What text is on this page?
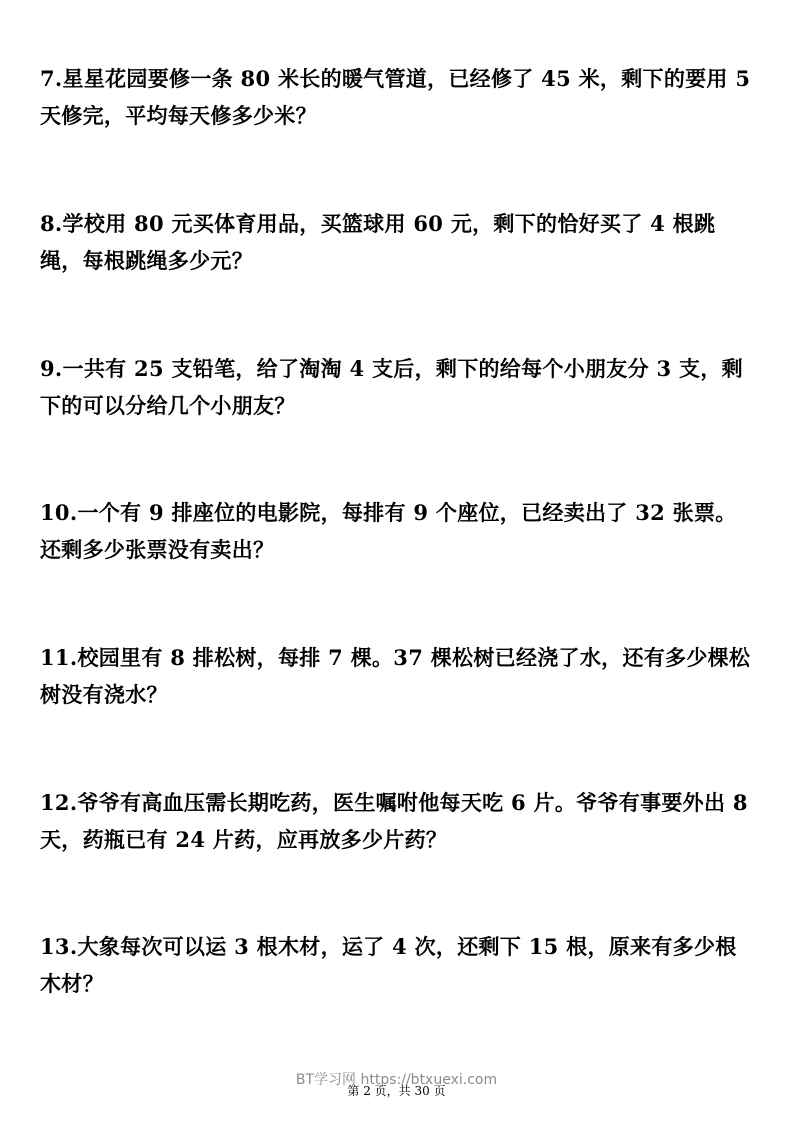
7.星星花园要修一条 80 米长的暖气管道，已经修了 45 米，剩下的要用 5 天修完，平均每天修多少米？

8.学校用 80 元买体育用品，买篮球用 60 元，剩下的恰好买了 4 根跳绳，每根跳绳多少元？

9.一共有 25 支铅笔，给了淘淘 4 支后，剩下的给每个小朋友分 3 支，剩下的可以分给几个小朋友？

10.一个有 9 排座位的电影院，每排有 9 个座位，已经卖出了 32 张票。还剩多少张票没有卖出？

11.校园里有 8 排松树，每排 7 棵。37 棵松树已经浇了水，还有多少棵松树没有浇水？

12.爷爷有高血压需长期吃药，医生嘱咐他每天吃 6 片。爷爷有事要外出 8 天，药瓶已有 24 片药，应再放多少片药？

13.大象每次可以运 3 根木材，运了 4 次，还剩下 15 根，原来有多少根木材？

BT学习网 https://btxuexi.com
第 2 页，共 30 页
